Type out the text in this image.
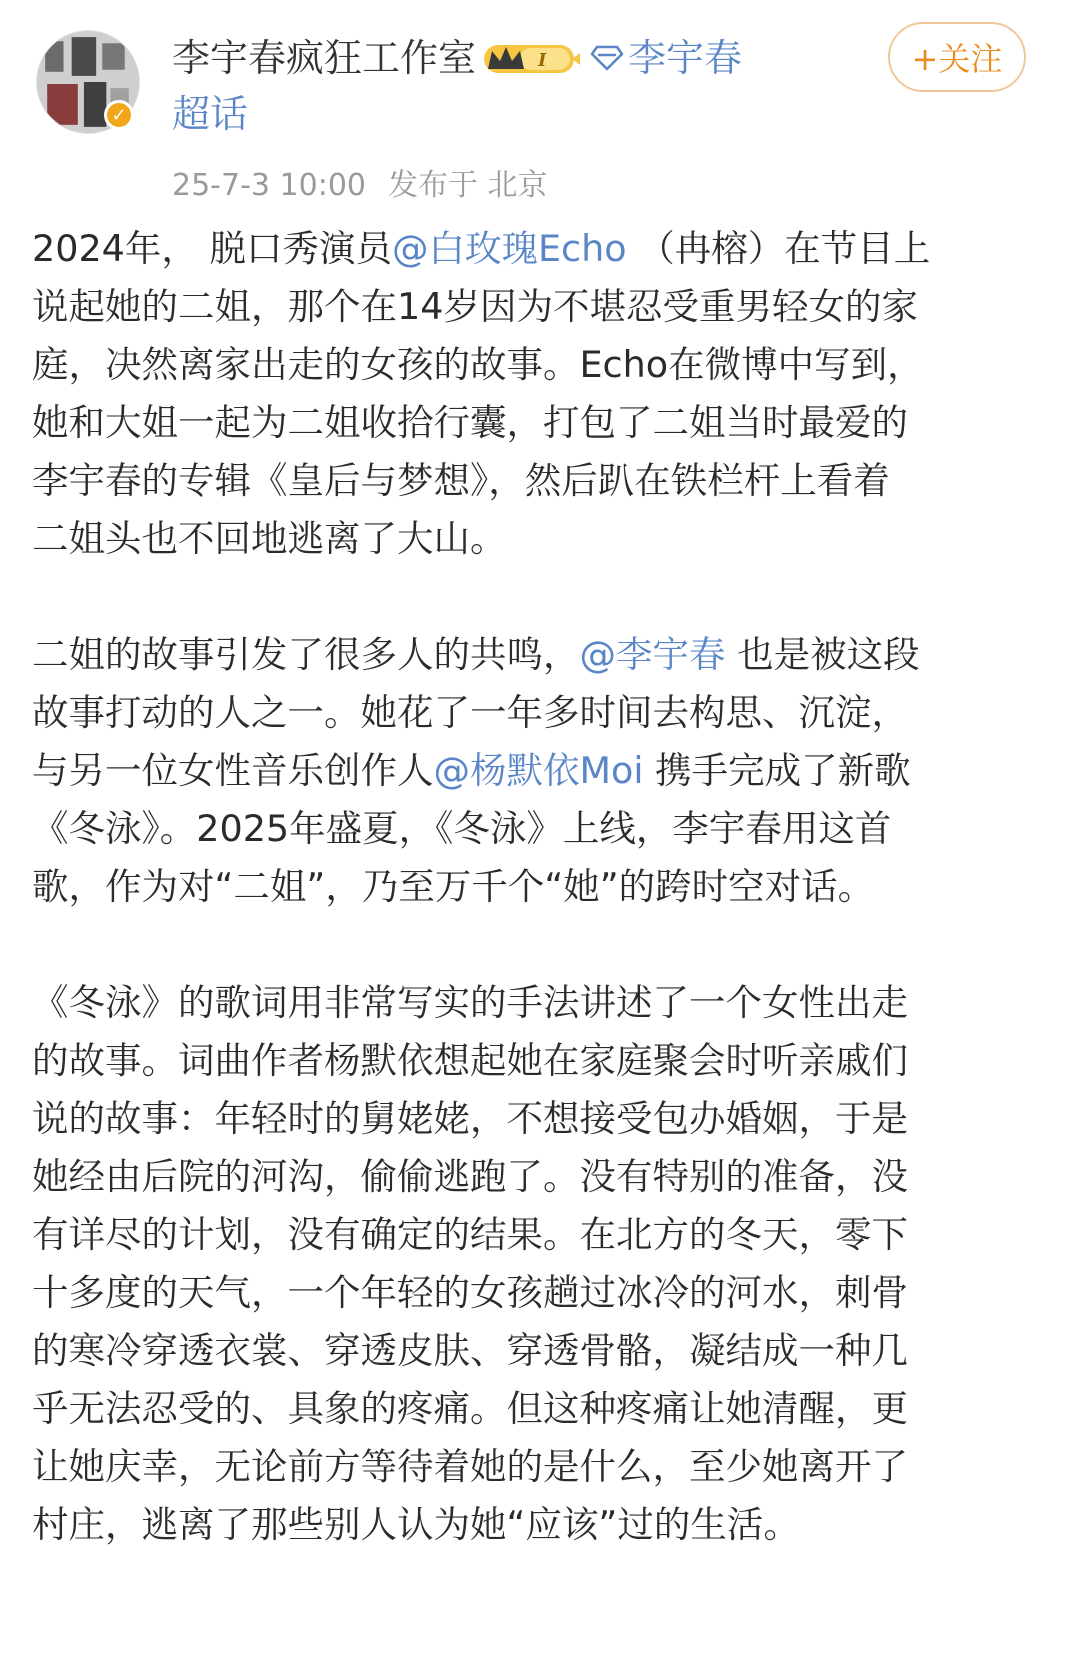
✓
李宇春疯狂工作室	I 李宇春
超话
+关注
25-7-3 10:00 发布于 北京
2024年， 脱口秀演员@白玫瑰Echo （冉榕）在节目上
说起她的二姐，那个在14岁因为不堪忍受重男轻女的家
庭，决然离家出走的女孩的故事。Echo在微博中写到，
她和大姐一起为二姐收拾行囊，打包了二姐当时最爱的
李宇春的专辑《皇后与梦想》，然后趴在铁栏杆上看着
二姐头也不回地逃离了大山。
二姐的故事引发了很多人的共鸣，@李宇春 也是被这段
故事打动的人之一。她花了一年多时间去构思、沉淀，
与另一位女性音乐创作人@杨默依Moi 携手完成了新歌
《冬泳》。2025年盛夏，《冬泳》上线，李宇春用这首
歌，作为对“二姐”，乃至万千个“她”的跨时空对话。
《冬泳》的歌词用非常写实的手法讲述了一个女性出走
的故事。词曲作者杨默依想起她在家庭聚会时听亲戚们
说的故事：年轻时的舅姥姥，不想接受包办婚姻，于是
她经由后院的河沟，偷偷逃跑了。没有特别的准备，没
有详尽的计划，没有确定的结果。在北方的冬天，零下
十多度的天气，一个年轻的女孩趟过冰冷的河水，刺骨
的寒冷穿透衣裳、穿透皮肤、穿透骨骼，凝结成一种几
乎无法忍受的、具象的疼痛。但这种疼痛让她清醒，更
让她庆幸，无论前方等待着她的是什么，至少她离开了
村庄，逃离了那些别人认为她“应该”过的生活。
